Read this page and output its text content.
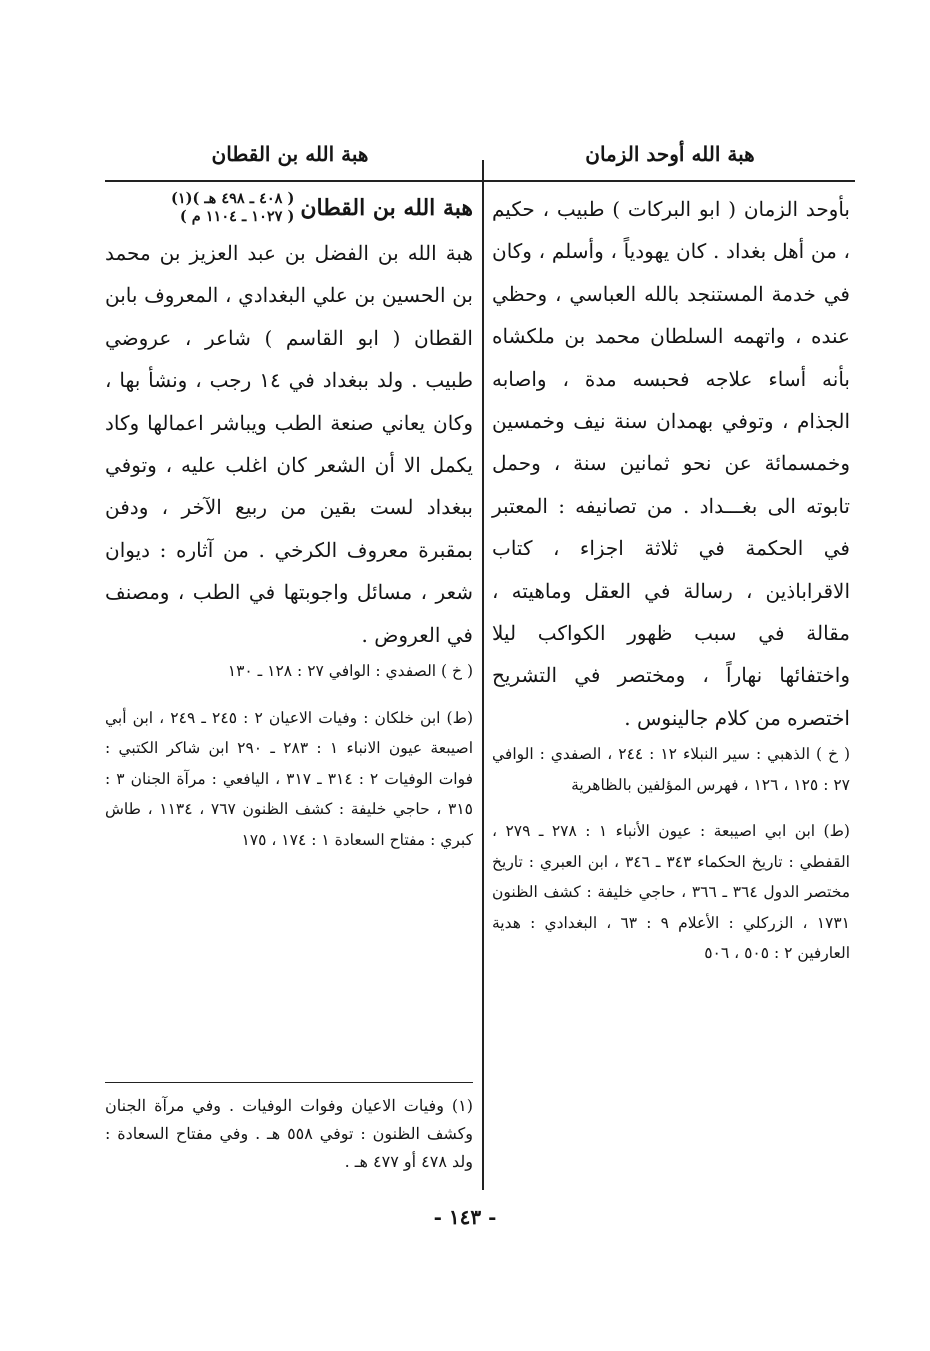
هبة الله أوحد الزمان
هبة الله بن القطان

بأوحد الزمان ( ابو البركات ) طبيب ، حكيم ، من أهل بغداد . كان يهودياً ، وأسلم ، وكان في خدمة المستنجد بالله العباسي ، وحظي عنده ، واتهمه السلطان محمد بن ملكشاه بأنه أساء علاجه فحبسه مدة ، واصابه الجذام ، وتوفي بهمدان سنة نيف وخمسين وخمسمائة عن نحو ثمانين سنة ، وحمل تابوته الى بغـــداد . من تصانيفه : المعتبر في الحكمة في ثلاثة اجزاء ، كتاب الاقراباذين ، رسالة في العقل وماهيته ، مقالة في سبب ظهور الكواكب ليلا واختفائها نهاراً ، ومختصر في التشريح اختصره من كلام جالينوس .

( خ ) الذهبي : سير النبلاء ١٢ : ٢٤٤ ، الصفدي : الوافي ٢٧ : ١٢٥ ، ١٢٦ ، فهرس المؤلفين بالظاهرية

(ط) ابن ابي اصيبعة : عيون الأنباء ١ : ٢٧٨ ـ ٢٧٩ ، القفطي : تاريخ الحكماء ٣٤٣ ـ ٣٤٦ ، ابن العبري : تاريخ مختصر الدول ٣٦٤ ـ ٣٦٦ ، حاجي خليفة : كشف الظنون ١٧٣١ ، الزركلي : الأعلام ٩ : ٦٣ ، البغدادي : هدية العارفين ٢ : ٥٠٥ ، ٥٠٦

هبة الله بن القطان
( ٤٠٨ ـ ٤٩٨ هـ )(١)
( ١٠٢٧ ـ ١١٠٤ م )

هبة الله بن الفضل بن عبد العزيز بن محمد بن الحسين بن علي البغدادي ، المعروف بابن القطان ( ابو القاسم ) شاعر ، عروضي طبيب . ولد ببغداد في ١٤ رجب ، ونشأ بها ، وكان يعاني صنعة الطب ويباشر اعمالها وكاد يكمل الا أن الشعر كان اغلب عليه ، وتوفي ببغداد لست بقين من ربيع الآخر ، ودفن بمقبرة معروف الكرخي . من آثاره : ديوان شعر ، مسائل واجوبتها في الطب ، ومصنف في العروض .

( خ ) الصفدي : الوافي ٢٧ : ١٢٨ ـ ١٣٠

(ط) ابن خلكان : وفيات الاعيان ٢ : ٢٤٥ ـ ٢٤٩ ، ابن أبي اصيبعة عيون الانباء ١ : ٢٨٣ ـ ٢٩٠ ابن شاكر الكتبي : فوات الوفيات ٢ : ٣١٤ ـ ٣١٧ ، اليافعي : مرآة الجنان ٣ : ٣١٥ ، حاجي خليفة : كشف الظنون ٧٦٧ ، ١١٣٤ ، طاش كبري : مفتاح السعادة ١ : ١٧٤ ، ١٧٥

(١) وفيات الاعيان وفوات الوفيات . وفي مرآة الجنان وكشف الظنون : توفي ٥٥٨ هـ . وفي مفتاح السعادة : ولد ٤٧٨ أو ٤٧٧ هـ .

- ١٤٣ -
